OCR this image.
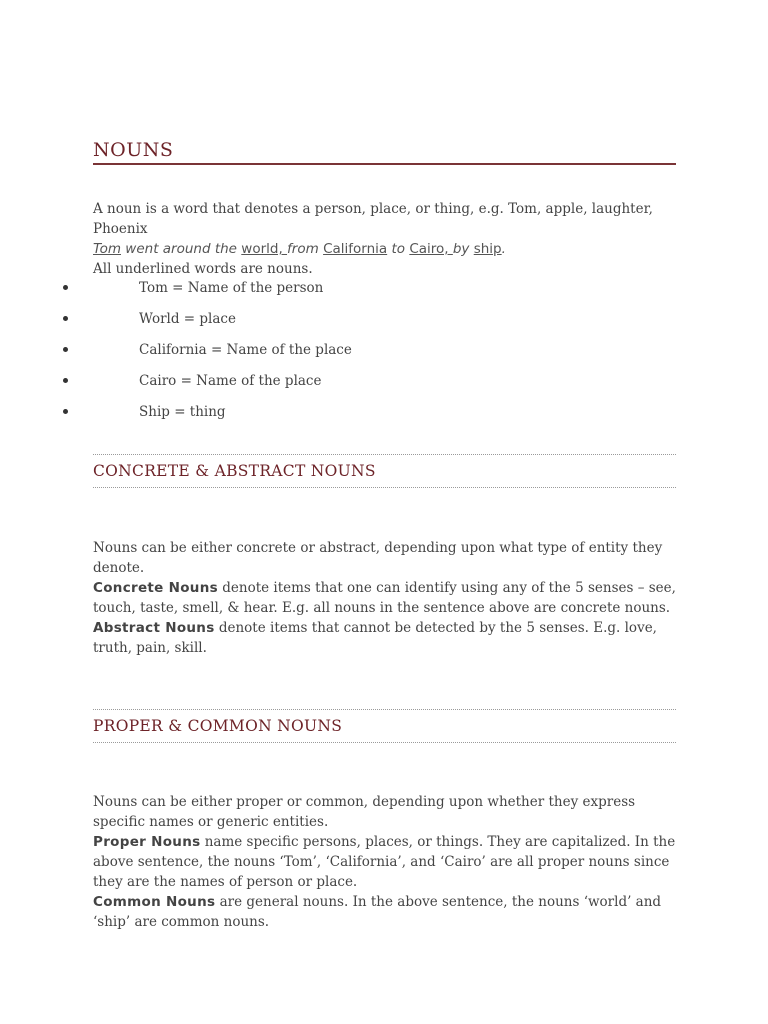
NOUNS

A noun is a word that denotes a person, place, or thing, e.g. Tom, apple, laughter, Phoenix

Tom went around the world, from California to Cairo, by ship.

All underlined words are nouns.

Tom = Name of the person
World = place
California = Name of the place
Cairo = Name of the place
Ship = thing
CONCRETE & ABSTRACT NOUNS

Nouns can be either concrete or abstract, depending upon what type of entity they denote.

Concrete Nouns denote items that one can identify using any of the 5 senses – see, touch, taste, smell, & hear. E.g. all nouns in the sentence above are concrete nouns.

Abstract Nouns denote items that cannot be detected by the 5 senses. E.g. love, truth, pain, skill.

PROPER & COMMON NOUNS

Nouns can be either proper or common, depending upon whether they express specific names or generic entities.

Proper Nouns name specific persons, places, or things. They are capitalized. In the above sentence, the nouns ‘Tom’, ‘California’, and ‘Cairo’ are all proper nouns since they are the names of person or place.

Common Nouns are general nouns. In the above sentence, the nouns ‘world’ and ‘ship’ are common nouns.
